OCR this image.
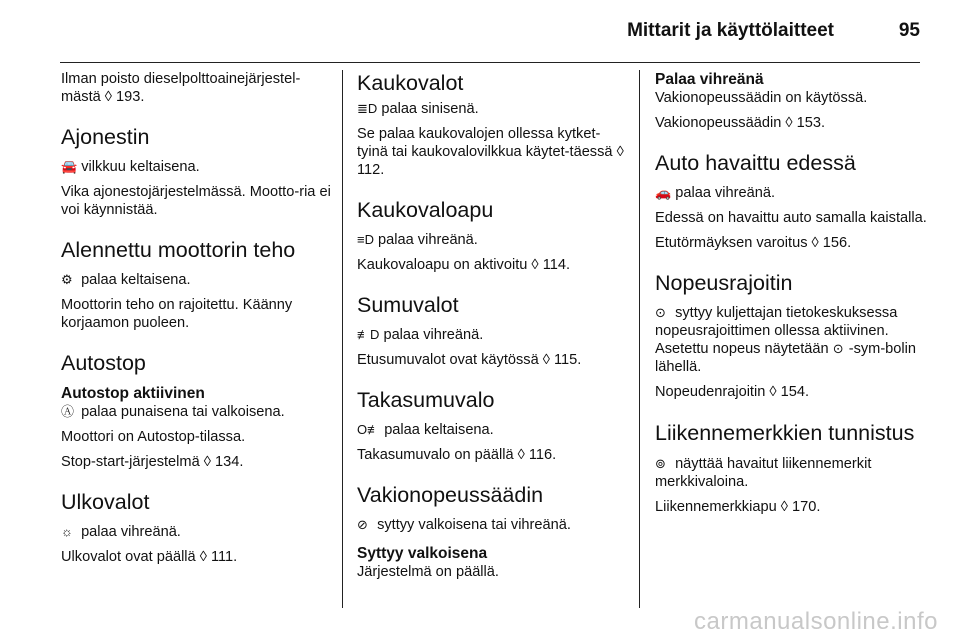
Mittarit ja käyttölaitteet	95

Ilman poisto dieselpolttoainejärjestel-mästä ◊ 193.

Ajonestin

🚘 vilkkuu keltaisena.

Vika ajonestojärjestelmässä. Mootto-ria ei voi käynnistää.

Alennettu moottorin teho

⚙ palaa keltaisena.

Moottorin teho on rajoitettu. Käänny korjaamon puoleen.

Autostop
Autostop aktiivinen

Ⓐ palaa punaisena tai valkoisena.

Moottori on Autostop-tilassa.

Stop-start-järjestelmä ◊ 134.

Ulkovalot

☼ palaa vihreänä.

Ulkovalot ovat päällä ◊ 111.

Kaukovalot

≣D palaa sinisenä.

Se palaa kaukovalojen ollessa kytket-tyinä tai kaukovalovilkkua käytet-täessä ◊ 112.

Kaukovaloapu

≡D palaa vihreänä.

Kaukovaloapu on aktivoitu ◊ 114.

Sumuvalot

≢D palaa vihreänä.

Etusumuvalot ovat käytössä ◊ 115.

Takasumuvalo

O≢ palaa keltaisena.

Takasumuvalo on päällä ◊ 116.

Vakionopeussäädin

⊘ syttyy valkoisena tai vihreänä.

Syttyy valkoisena

Järjestelmä on päällä.

Palaa vihreänä

Vakionopeussäädin on käytössä.

Vakionopeussäädin ◊ 153.

Auto havaittu edessä

🚗 palaa vihreänä.

Edessä on havaittu auto samalla kaistalla.

Etutörmäyksen varoitus ◊ 156.

Nopeusrajoitin

⊙ syttyy kuljettajan tietokeskuksessa nopeusrajoittimen ollessa aktiivinen. Asetettu nopeus näytetään ⊙ -sym-bolin lähellä.

Nopeudenrajoitin ◊ 154.

Liikennemerkkien tunnistus

⊚ näyttää havaitut liikennemerkit merkkivaloina.

Liikennemerkkiapu ◊ 170.

carmanualsonline.info
